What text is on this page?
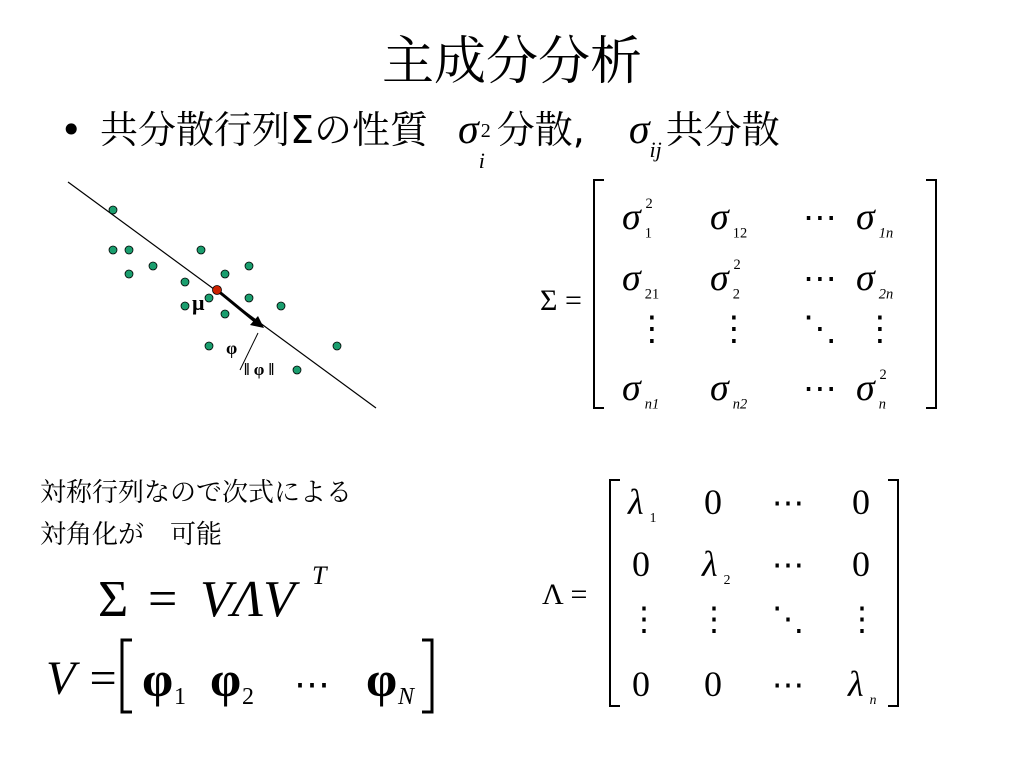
主成分分析
• 共分散行列Σの性質 σ 2
i
分散, σij 共分散
μ
φ
‖ φ ‖
Σ =
σ 2
1 σ 12 ⋯ σ 1n
σ 21 σ 2
2 ⋯ σ 2n
⋮ ⋮ ⋱ ⋮
σ n1 σ n2 ⋯ σ 2
n
対称行列なので次式による
対角化が　可能
Σ = VΛV T
V = φ 1 φ 2 ⋯ φ N
Λ =
λ 1 0 ⋯ 0
0 λ 2 ⋯ 0
⋮ ⋮ ⋱ ⋮
0 0 ⋯ λ n
